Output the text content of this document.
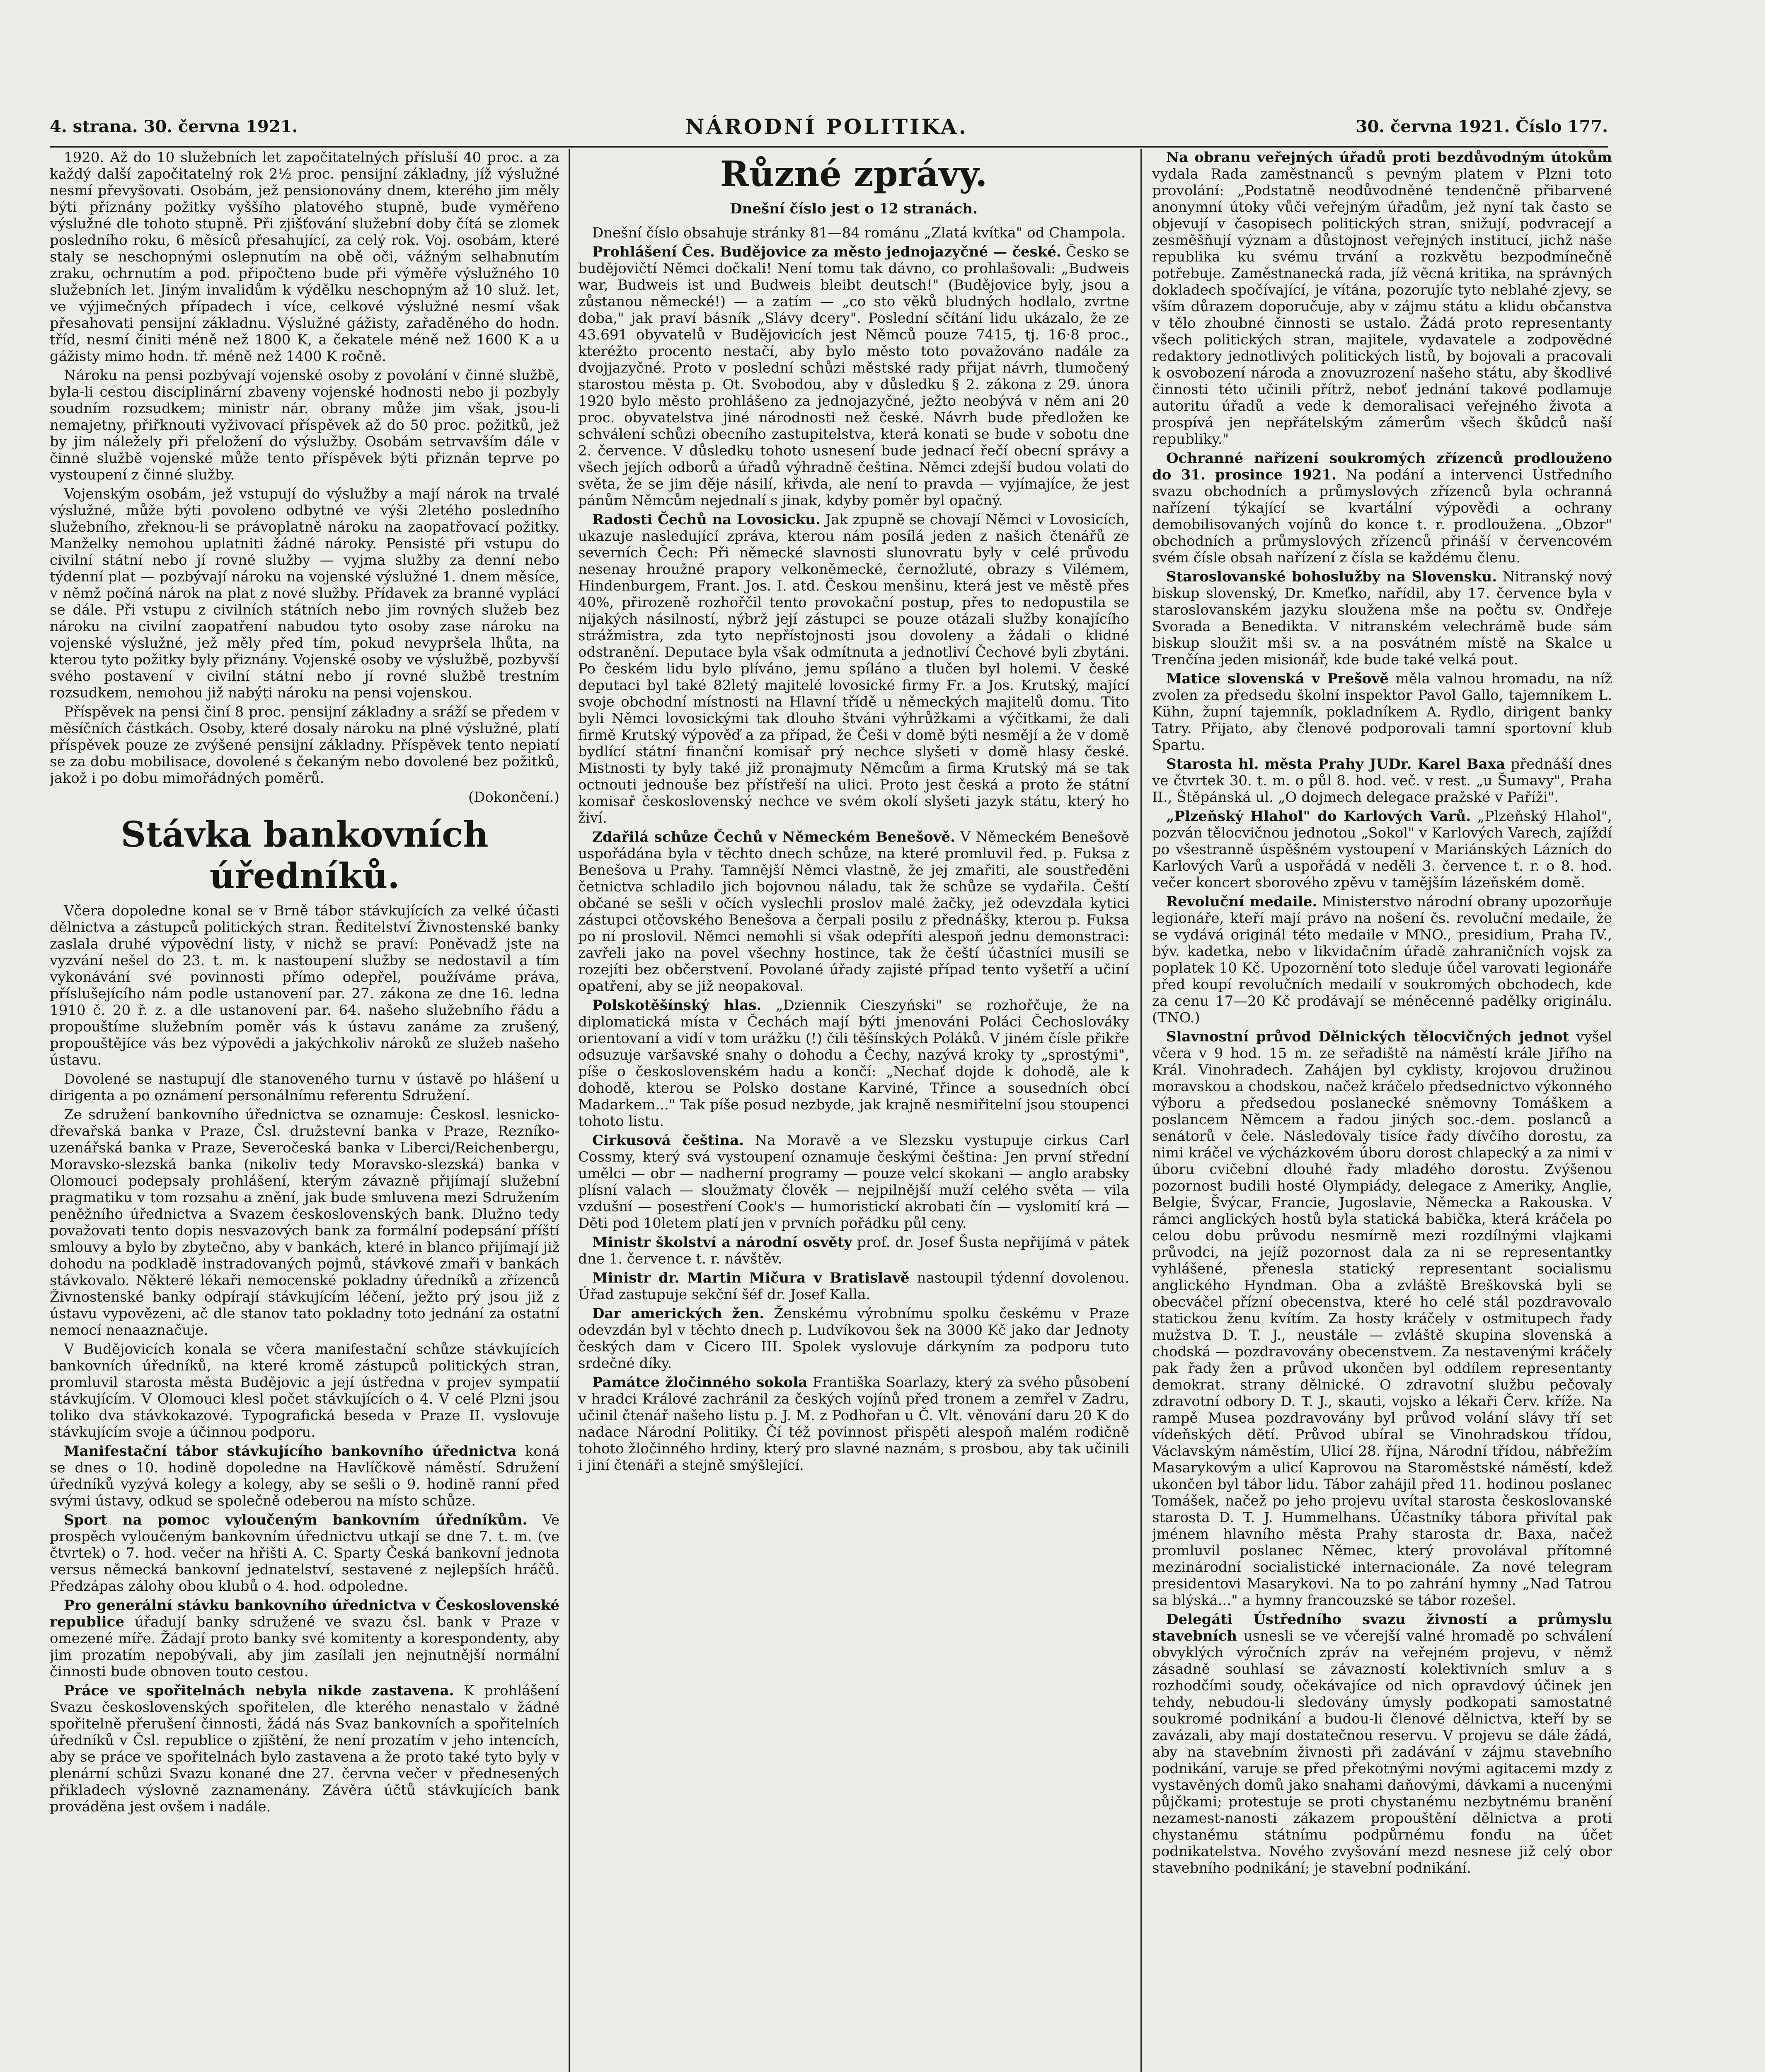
4. strana. 30. června 1921.	NÁRODNÍ POLITIKA.	30. června 1921. Číslo 177.

1920. Až do 10 služebních let započitatelných přísluší 40 proc. a za každý další započitatelný rok 2½ proc. pensijní základny, jíž výslužné nesmí převyšovati. Osobám, jež pensionovány dnem, kterého jim měly býti přiznány požitky vyššího platového stupně, bude vyměřeno výslužné dle tohoto stupně. Při zjišťování služební doby čítá se zlomek posledního roku, 6 měsíců přesahující, za celý rok. Voj. osobám, které staly se neschopnými oslepnutím na obě oči, vážným selhabnutím zraku, ochrnutím a pod. připočteno bude při výměře výslužného 10 služebních let. Jiným invalidům k výdělku neschopným až 10 služ. let, ve výjimečných případech i více, celkové výslužné nesmí však přesahovati pensijní základnu. Výslužné gážisty, zařaděného do hodn. tříd, nesmí činiti méně než 1800 K, a čekatele méně než 1600 K a u gážisty mimo hodn. tř. méně než 1400 K ročně.

Nároku na pensi pozbývají vojenské osoby z povolání v činné službě, byla-li cestou disciplinární zbaveny vojenské hodnosti nebo ji pozbyly soudním rozsudkem; ministr nár. obrany může jim však, jsou-li nemajetny, přiřknouti vyživovací příspěvek až do 50 proc. požitků, jež by jim náležely při přeložení do výslužby. Osobám setrvavším dále v činné službě vojenské může tento příspěvek býti přiznán teprve po vystoupení z činné služby.

Vojenským osobám, jež vstupují do výslužby a mají nárok na trvalé výslužné, může býti povoleno odbytné ve výši 2letého posledního služebního, zřeknou-li se právoplatně nároku na zaopatřovací požitky. Manželky nemohou uplatniti žádné nároky. Pensisté při vstupu do civilní státní nebo jí rovné služby — vyjma služby za denní nebo týdenní plat — pozbývají nároku na vojenské výslužné 1. dnem měsíce, v němž počíná nárok na plat z nové služby. Přídavek za branné vyplácí se dále. Při vstupu z civilních státních nebo jim rovných služeb bez nároku na civilní zaopatření nabudou tyto osoby zase nároku na vojenské výslužné, jež měly před tím, pokud nevypršela lhůta, na kterou tyto požitky byly přiznány. Vojenské osoby ve výslužbě, pozbyvší svého postavení v civilní státní nebo jí rovné službě trestním rozsudkem, nemohou již nabýti nároku na pensi vojenskou.

Příspěvek na pensi činí 8 proc. pensijní základny a sráží se předem v měsíčních částkách. Osoby, které dosaly nároku na plné výslužné, platí příspěvek pouze ze zvýšené pensijní základny. Příspěvek tento nepiatí se za dobu mobilisace, dovolené s čekaným nebo dovolené bez požitků, jakož i po dobu mimořádných poměrů.

(Dokončení.)
Stávka bankovních úředníků.

Včera dopoledne konal se v Brně tábor stávkujících za velké účasti dělnictva a zástupců politických stran. Ředitelství Živnostenské banky zaslala druhé výpovědní listy, v nichž se praví: Poněvadž jste na vyzvání nešel do 23. t. m. k nastoupení služby se nedostavil a tím vykonávání své povinnosti přímo odepřel, používáme práva, příslušejícího nám podle ustanovení par. 27. zákona ze dne 16. ledna 1910 č. 20 ř. z. a dle ustanovení par. 64. našeho služebního řádu a propouštíme služebním poměr vás k ústavu zanáme za zrušený, propouštějíce vás bez výpovědi a jakýchkoliv nároků ze služeb našeho ústavu.

Dovolené se nastupují dle stanoveného turnu v ústavě po hlášení u dirigenta a po oznámení personálnímu referentu Sdružení.

Ze sdružení bankovního úřednictva se oznamuje: Českosl. lesnicko-dřevařská banka v Praze, Čsl. družstevní banka v Praze, Rezníko-uzenářská banka v Praze, Severočeská banka v Liberci/Reichenbergu, Moravsko-slezská banka (nikoliv tedy Moravsko-slezská) banka v Olomouci podepsaly prohlášení, kterým závazně přijímají služební pragmatiku v tom rozsahu a znění, jak bude smluvena mezi Sdružením peněžního úřednictva a Svazem československých bank. Dlužno tedy považovati tento dopis nesvazových bank za formální podepsání příští smlouvy a bylo by zbytečno, aby v bankách, které in blanco přijímají již dohodu na podkladě instradovaných pojmů, stávkové zmaři v bankách stávkovalo. Některé lékaři nemocenské pokladny úředníků a zřízenců Živnostenské banky odpírají stávkujícím léčení, ježto prý jsou již z ústavu vypovězeni, ač dle stanov tato pokladny toto jednání za ostatní nemocí nenaaznačuje.

V Budějovicích konala se včera manifestační schůze stávkujících bankovních úředníků, na které kromě zástupců politických stran, promluvil starosta města Budějovic a její ústředna v projev sympatií stávkujícím. V Olomouci klesl počet stávkujících o 4. V celé Plzni jsou toliko dva stávkokazové. Typografická beseda v Praze II. vyslovuje stávkujícím svoje a účinnou podporu.

Manifestační tábor stávkujícího bankovního úřednictva koná se dnes o 10. hodině dopoledne na Havlíčkově náměstí. Sdružení úředníků vyzývá kolegy a kolegy, aby se sešli o 9. hodině ranní před svými ústavy, odkud se společně odeberou na místo schůze.

Sport na pomoc vyloučeným bankovním úředníkům. Ve prospěch vyloučeným bankovním úřednictvu utkají se dne 7. t. m. (ve čtvrtek) o 7. hod. večer na hřišti A. C. Sparty Česká bankovní jednota versus německá bankovní jednatelství, sestavené z nejlepších hráčů. Předzápas zálohy obou klubů o 4. hod. odpoledne.

Pro generální stávku bankovního úřednictva v Československé republice úřadují banky sdružené ve svazu čsl. bank v Praze v omezené míře. Žádají proto banky své komitenty a korespondenty, aby jim prozatím nepobývali, aby jim zasílali jen nejnutnější normální činnosti bude obnoven touto cestou.

Práce ve spořitelnách nebyla nikde zastavena. K prohlášení Svazu československých spořitelen, dle kterého nenastalo v žádné spořitelně přerušení činnosti, žádá nás Svaz bankovních a spořitelních úředníků v Čsl. republice o zjištění, že není prozatím v jeho intencích, aby se práce ve spořitelnách bylo zastavena a že proto také tyto byly v plenární schůzi Svazu konané dne 27. června večer v přednesených přikladech výslovně zaznamenány. Závěra účtů stávkujících bank prováděna jest ovšem i nadále.

Různé zprávy.
Dnešní číslo jest o 12 stranách.

Dnešní číslo obsahuje stránky 81—84 románu „Zlatá kvítka" od Champola.

Prohlášení Čes. Budějovice za město jednojazyčné — české. Česko se budějovičtí Němci dočkali! Není tomu tak dávno, co prohlašovali: „Budweis war, Budweis ist und Budweis bleibt deutsch!" (Budějovice byly, jsou a zůstanou německé!) — a zatím — „co sto věků bludných hodlalo, zvrtne doba," jak praví básník „Slávy dcery". Poslední sčítání lidu ukázalo, že ze 43.691 obyvatelů v Budějovicích jest Němců pouze 7415, tj. 16·8 proc., kteréžto procento nestačí, aby bylo město toto považováno nadále za dvojjazyčné. Proto v poslední schůzi městské rady přijat návrh, tlumočený starostou města p. Ot. Svobodou, aby v důsledku § 2. zákona z 29. února 1920 bylo město prohlášeno za jednojazyčné, ježto neobývá v něm ani 20 proc. obyvatelstva jiné národnosti než české. Návrh bude předložen ke schválení schůzi obecního zastupitelstva, která konati se bude v sobotu dne 2. července. V důsledku tohoto usnesení bude jednací řečí obecní správy a všech jejích odborů a úřadů výhradně čeština. Němci zdejší budou volati do světa, že se jim děje násilí, křivda, ale není to pravda — vyjímajíce, že jest pánům Němcům nejednalí s jinak, kdyby poměr byl opačný.

Radosti Čechů na Lovosicku. Jak zpupně se chovají Němci v Lovosicích, ukazuje nasledující zpráva, kterou nám posílá jeden z našich čtenářů ze severních Čech: Při německé slavnosti slunovratu byly v celé průvodu nesenay hroužné prapory velkoněmecké, černožluté, obrazy s Vilémem, Hindenburgem, Frant. Jos. I. atd. Českou menšinu, která jest ve městě přes 40%, přirozeně rozhořčil tento provokační postup, přes to nedopustila se nijakých násilností, nýbrž její zástupci se pouze otázali služby konajícího strážmistra, zda tyto nepřístojnosti jsou dovoleny a žádali o klidné odstranění. Deputace byla však odmítnuta a jednotliví Čechové byli zbytáni. Po českém lidu bylo plíváno, jemu spíláno a tlučen byl holemi. V české deputaci byl také 82letý majitelé lovosické firmy Fr. a Jos. Krutský, mající svoje obchodní místnosti na Hlavní třídě u německých majitelů domu. Tito byli Němci lovosickými tak dlouho štváni výhrůžkami a výčitkami, že dali firmě Krutský výpověď a za případ, že Češi v domě býti nesmějí a že v domě bydlící státní finanční komisař prý nechce slyšeti v domě hlasy české. Mistnosti ty byly také již pronajmuty Němcům a firma Krutský má se tak octnouti jednouše bez přístřeší na ulici. Proto jest česká a proto že státní komisař československý nechce ve svém okolí slyšeti jazyk státu, který ho živí.

Zdařilá schůze Čechů v Německém Benešově. V Německém Benešově uspořádána byla v těchto dnech schůze, na které promluvil řed. p. Fuksa z Benešova u Prahy. Tamnější Němci vlastně, že jej zmařiti, ale soustředěni četnictva schladilo jich bojovnou náladu, tak že schůze se vydařila. Čeští občané se sešli v očích vyslechli proslov malé žačky, jež odevzdala kytici zástupci otčovského Benešova a čerpali posilu z přednášky, kterou p. Fuksa po ní proslovil. Němci nemohli si však odepříti alespoň jednu demonstraci: zavřeli jako na povel všechny hostince, tak že čeští účastníci musili se rozejíti bez občerstvení. Povolané úřady zajisté případ tento vyšetří a učiní opatření, aby se již neopakoval.

Polskotěšínský hlas. „Dziennik Cieszyński" se rozhořčuje, že na diplomatická místa v Čechách mají býti jmenováni Poláci Čechoslováky orientovaní a vidí v tom urážku (!) čili těšínských Poláků. V jiném čísle přikře odsuzuje varšavské snahy o dohodu a Čechy, nazývá kroky ty „sprostými", píše o československém hadu a končí: „Nechať dojde k dohodě, ale k dohodě, kterou se Polsko dostane Karviné, Třince a sousedních obcí Madarkem..." Tak píše posud nezbyde, jak krajně nesmiřitelní jsou stoupenci tohoto listu.

Cirkusová čeština. Na Moravě a ve Slezsku vystupuje cirkus Carl Cossmy, který svá vystoupení oznamuje českými čeština: Jen první střední umělci — obr — nadherní programy — pouze velcí skokani — anglo arabsky plísní valach — sloužmaty člověk — nejpilnější muží celého světa — vila vzdušní — posestření Cook's — humoristickí akrobati čín — vyslomití krá — Děti pod 10letem platí jen v prvních pořádku půl ceny.

Ministr školství a národní osvěty prof. dr. Josef Šusta nepřijímá v pátek dne 1. července t. r. návštěv.

Ministr dr. Martin Mičura v Bratislavě nastoupil týdenní dovolenou. Úřad zastupuje sekční šéf dr. Josef Kalla.

Dar amerických žen. Ženskému výrobnímu spolku českému v Praze odevzdán byl v těchto dnech p. Ludvíkovou šek na 3000 Kč jako dar Jednoty českých dam v Cicero III. Spolek vyslovuje dárkyním za podporu tuto srdečné díky.

Památce žločinného sokola Františka Soarlazy, který za svého působení v hradci Králové zachránil za českých vojínů před tronem a zemřel v Zadru, učinil čtenář našeho listu p. J. M. z Podhořan u Č. Vlt. věnování daru 20 K do nadace Národní Politiky. Čí též povinnost přispěti alespoň malém rodičně tohoto žločinného hrdiny, který pro slavné naznám, s prosbou, aby tak učinili i jiní čtenáři a stejně smýšlející.

Na obranu veřejných úřadů proti bezdůvodným útokům vydala Rada zaměstnanců s pevným platem v Plzni toto provolání: „Podstatně neodůvodněné tendenčně přibarvené anonymní útoky vůči veřejným úřadům, jež nyní tak často se objevují v časopisech politických stran, snižují, podvracejí a zesměšňují význam a důstojnost veřejných institucí, jichž naše republika ku svému trvání a rozkvětu bezpodmínečně potřebuje. Zaměstnanecká rada, jíž věcná kritika, na správných dokladech spočívající, je vítána, pozorujíc tyto neblahé zjevy, se vším důrazem doporučuje, aby v zájmu státu a klidu občanstva v tělo zhoubné činnosti se ustalo. Žádá proto representanty všech politických stran, majitele, vydavatele a zodpovědné redaktory jednotlivých politických listů, by bojovali a pracovali k osvobození národa a znovuzrození našeho státu, aby škodlivé činnosti této učinili přítrž, neboť jednání takové podlamuje autoritu úřadů a vede k demoralisaci veřejného života a prospívá jen nepřátelským zámerům všech škůdců naší republiky."

Ochranné nařízení soukromých zřízenců prodlouženo do 31. prosince 1921. Na podání a intervenci Ústředního svazu obchodních a průmyslových zřízenců byla ochranná nařízení týkající se kvartální výpovědi a ochrany demobilisovaných vojínů do konce t. r. prodloužena. „Obzor" obchodních a průmyslových zřízenců přináší v červencovém svém čísle obsah nařízení z čísla se každému členu.

Staroslovanské bohoslužby na Slovensku. Nitranský nový biskup slovenský, Dr. Kmeťko, nařídil, aby 17. července byla v staroslovanském jazyku sloužena mše na počtu sv. Ondřeje Svorada a Benedikta. V nitranském velechrámě bude sám biskup sloužit mši sv. a na posvátném místě na Skalce u Trenčína jeden misionář, kde bude také velká pout.

Matice slovenská v Prešově měla valnou hromadu, na níž zvolen za předsedu školní inspektor Pavol Gallo, tajemníkem L. Kühn, župní tajemník, pokladníkem A. Rydlo, dirigent banky Tatry. Přijato, aby členové podporovali tamní sportovní klub Spartu.

Starosta hl. města Prahy JUDr. Karel Baxa přednáší dnes ve čtvrtek 30. t. m. o půl 8. hod. več. v rest. „u Šumavy", Praha II., Štěpánská ul. „O dojmech delegace pražské v Paříži".

„Plzeňský Hlahol" do Karlových Varů. „Plzeňský Hlahol", pozván tělocvičnou jednotou „Sokol" v Karlových Varech, zajíždí po všestranně úspěšném vystoupení v Mariánských Lázních do Karlových Varů a uspořádá v neděli 3. července t. r. o 8. hod. večer koncert sborového zpěvu v tamějším lázeňském domě.

Revoluční medaile. Ministerstvo národní obrany upozorňuje legionáře, kteří mají právo na nošení čs. revoluční medaile, že se vydává originál této medaile v MNO., presidium, Praha IV., býv. kadetka, nebo v likvidačním úřadě zahraničních vojsk za poplatek 10 Kč. Upozornění toto sleduje účel varovati legionáře před koupí revolučních medailí v soukromých obchodech, kde za cenu 17—20 Kč prodávají se méněcenné padělky originálu. (TNO.)

Slavnostní průvod Dělnických tělocvičných jednot vyšel včera v 9 hod. 15 m. ze seřadiště na náměstí krále Jiřího na Král. Vinohradech. Zahájen byl cyklisty, krojovou družinou moravskou a chodskou, načež kráčelo předsednictvo výkonného výboru a předsedou poslanecké sněmovny Tomáškem a poslancem Němcem a řadou jiných soc.-dem. poslanců a senátorů v čele. Následovaly tisíce řady dívčího dorostu, za nimi kráčel ve výcházkovém úboru dorost chlapecký a za nimi v úboru cvičební dlouhé řady mladého dorostu. Zvýšenou pozornost budili hosté Olympiády, delegace z Ameriky, Anglie, Belgie, Švýcar, Francie, Jugoslavie, Německa a Rakouska. V rámci anglických hostů byla statická babička, která kráčela po celou dobu průvodu nesmírně mezi rozdílnými vlajkami průvodci, na jejíž pozornost dala za ni se representantky vyhlášené, přenesla statický representant socialismu anglického Hyndman. Oba a zvláště Breškovská byli se obecváčel přízní obecenstva, které ho celé stál pozdravovalo statickou ženu kvítím. Za hosty kráčely v ostmitupech řady mužstva D. T. J., neustále — zvláště skupina slovenská a chodská — pozdravovány obecenstvem. Za nestavenými kráčely pak řady žen a průvod ukončen byl oddílem representanty demokrat. strany dělnické. O zdravotní službu pečovaly zdravotní odbory D. T. J., skauti, vojsko a lékaři Červ. kříže. Na rampě Musea pozdravovány byl průvod volání slávy tří set vídeňských dětí. Průvod ubíral se Vinohradskou třídou, Václavským náměstím, Ulicí 28. října, Národní třídou, nábřežím Masarykovým a ulicí Kaprovou na Staroměstské náměstí, kdež ukončen byl tábor lidu. Tábor zahájil před 11. hodinou poslanec Tomášek, načež po jeho projevu uvítal starosta českoslovanské starosta D. T. J. Hummelhans. Účastníky tábora přivítal pak jménem hlavního města Prahy starosta dr. Baxa, načež promluvil poslanec Němec, který provolával přítomné mezinárodní socialistické internacionále. Za nové telegram presidentovi Masarykovi. Na to po zahrání hymny „Nad Tatrou sa blýská..." a hymny francouzské se tábor rozešel.

Delegáti Ústředního svazu živností a průmyslu stavebních usnesli se ve včerejší valné hromadě po schválení obvyklých výročních zpráv na veřejném projevu, v němž zásadně souhlasí se závazností kolektivních smluv a s rozhodčími soudy, očekávajíce od nich opravdový účinek jen tehdy, nebudou-li sledovány úmysly podkopati samostatné soukromé podnikání a budou-li členové dělnictva, kteří by se zavázali, aby mají dostatečnou reservu. V projevu se dále žádá, aby na stavebním živnosti při zadávání v zájmu stavebního podnikání, varuje se před překotnými novými agitacemi mzdy z vystavěných domů jako snahami daňovými, dávkami a nucenými půjčkami; protestuje se proti chystanému nezbytnému branění nezamest-nanosti zákazem propouštění dělnictva a proti chystanému státnímu podpůrnému fondu na účet podnikatelstva. Nového zvyšování mezd nesnese již celý obor stavebního podnikání; je stavební podnikání.
